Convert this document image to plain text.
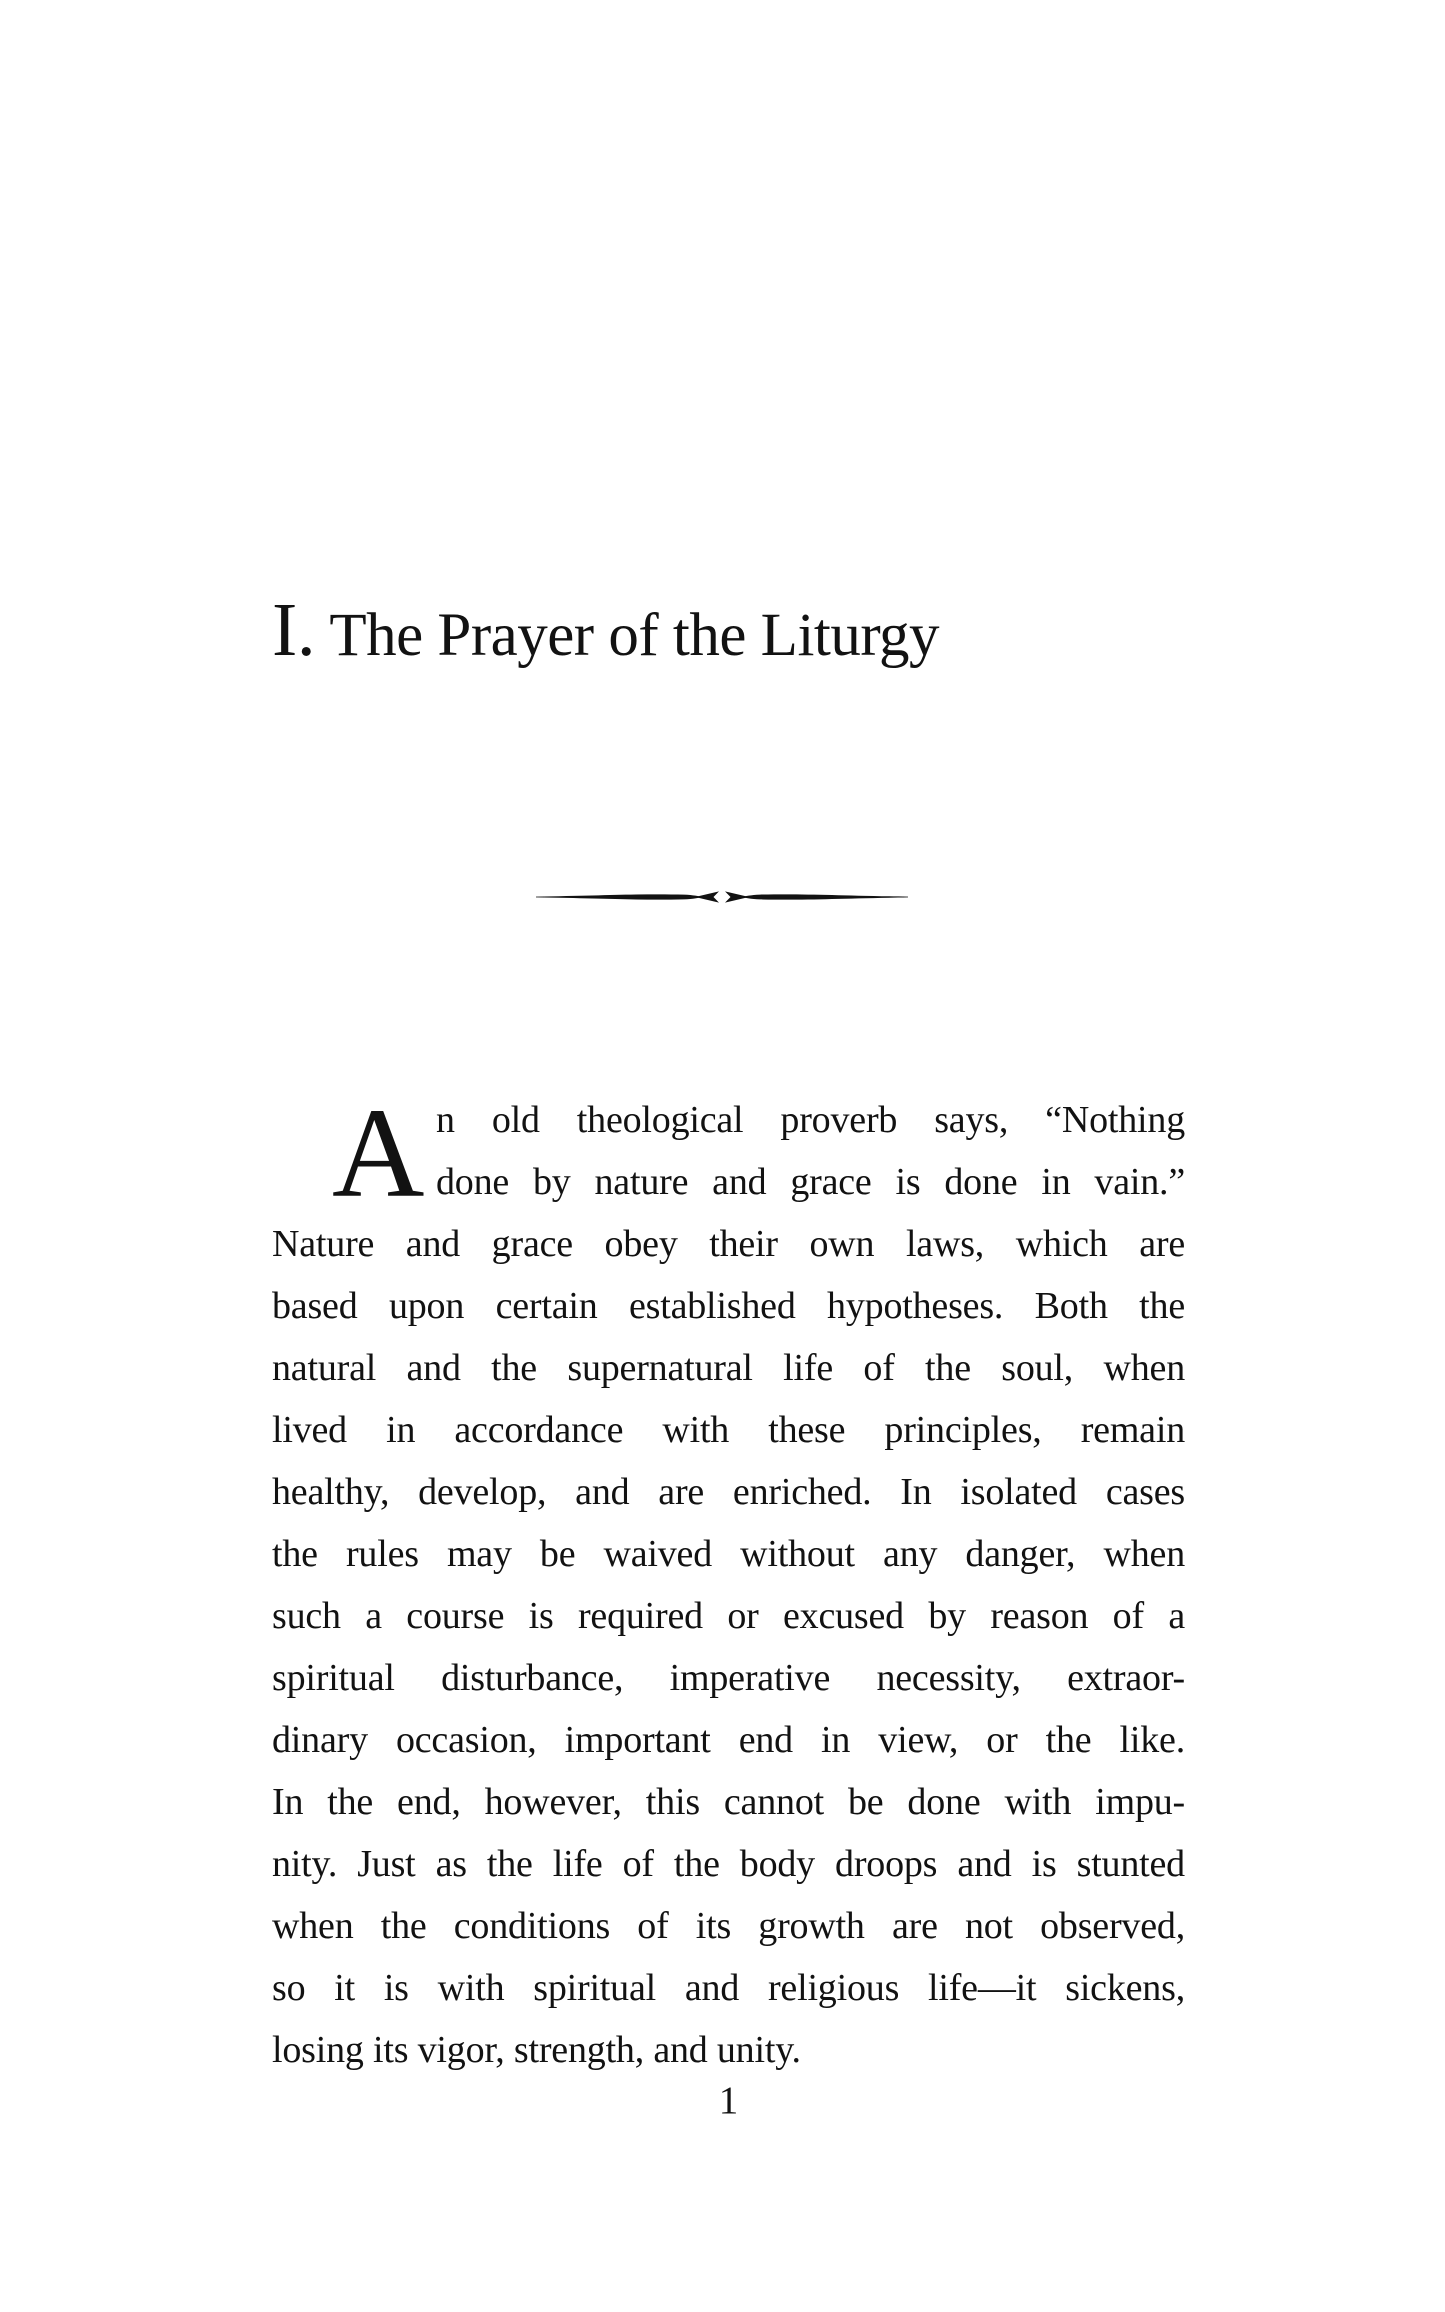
I. The Prayer of the Liturgy
A n old theological proverb says, “Nothing
done by nature and grace is done in vain.”
Nature and grace obey their own laws, which are
based upon certain established hypotheses. Both the
natural and the supernatural life of the soul, when
lived in accordance with these principles, remain
healthy, develop, and are enriched. In isolated cases
the rules may be waived without any danger, when
such a course is required or excused by reason of a
spiritual disturbance, imperative necessity, extraor-
dinary occasion, important end in view, or the like.
In the end, however, this cannot be done with impu-
nity. Just as the life of the body droops and is stunted
when the conditions of its growth are not observed,
so it is with spiritual and religious life—it sickens,
losing its vigor, strength, and unity.
1
